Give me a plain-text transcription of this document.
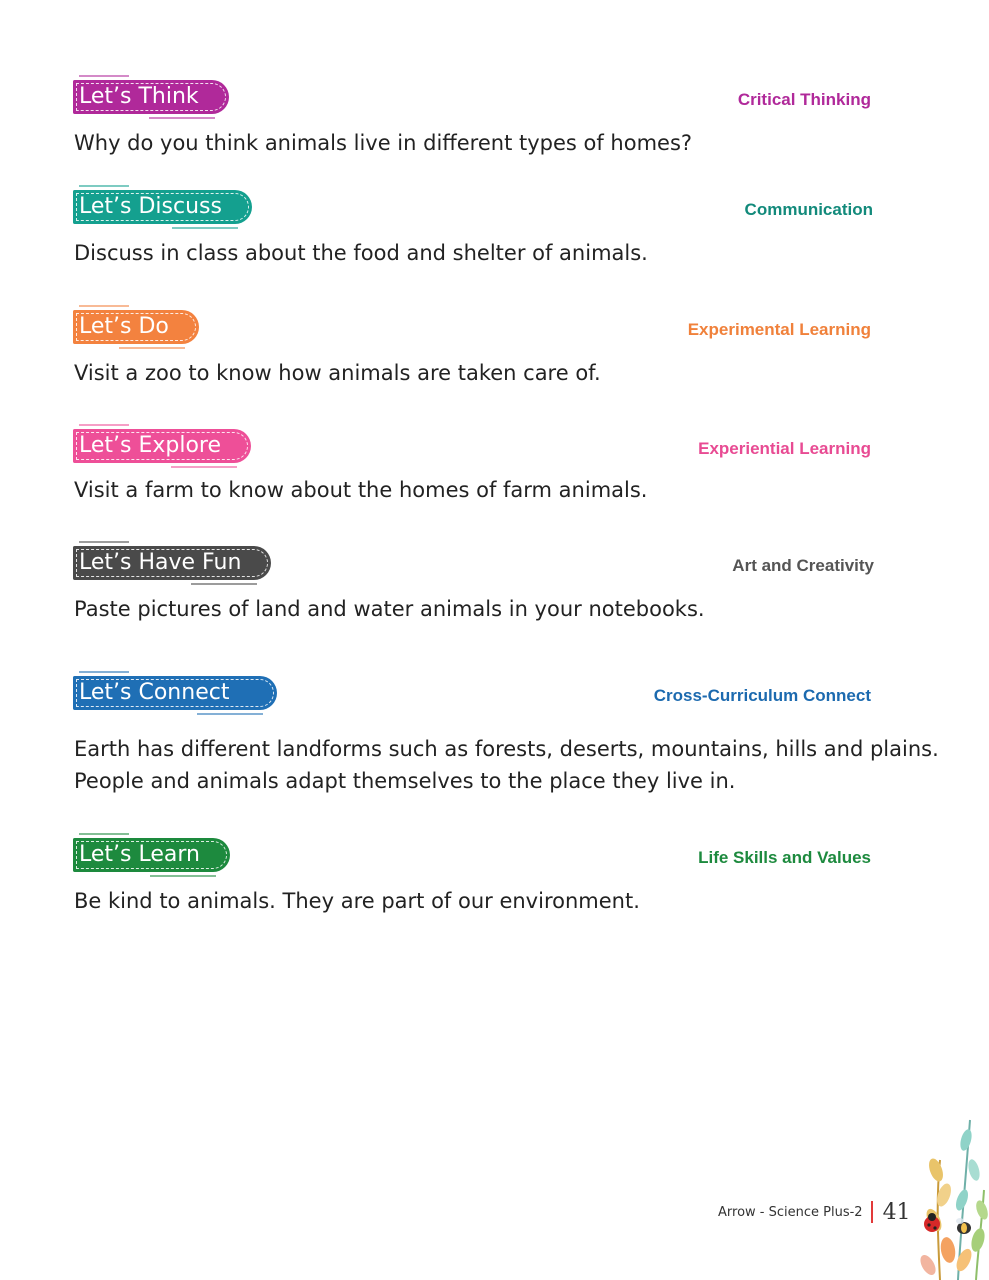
Let’s Think	Critical Thinking
Why do you think animals live in different types of homes?
Let’s Discuss	Communication
Discuss in class about the food and shelter of animals.
Let’s Do	Experimental Learning
Visit a zoo to know how animals are taken care of.
Let’s Explore	Experiential Learning
Visit a farm to know about the homes of farm animals.
Let’s Have Fun	Art and Creativity
Paste pictures of land and water animals in your notebooks.
Let’s Connect	Cross-Curriculum Connect
Earth has different landforms such as forests, deserts, mountains, hills and plains.
People and animals adapt themselves to the place they live in.
Let’s Learn	Life Skills and Values
Be kind to animals. They are part of our environment.
Arrow - Science Plus-2 41
